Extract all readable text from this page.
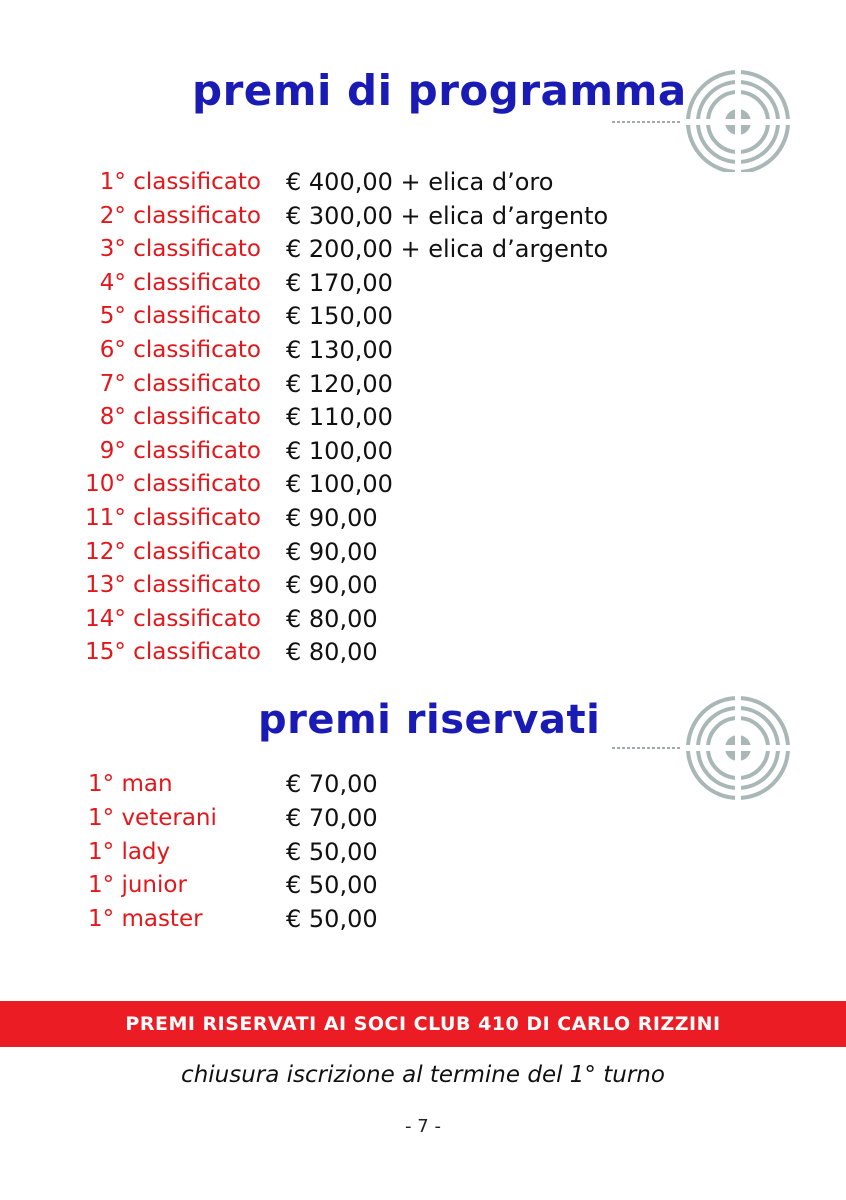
premi di programma
1° classificato € 400,00 + elica d’oro
2° classificato € 300,00 + elica d’argento
3° classificato € 200,00 + elica d’argento
4° classificato € 170,00
5° classificato € 150,00
6° classificato € 130,00
7° classificato € 120,00
8° classificato € 110,00
9° classificato € 100,00
10° classificato € 100,00
11° classificato € 90,00
12° classificato € 90,00
13° classificato € 90,00
14° classificato € 80,00
15° classificato € 80,00
premi riservati
1° man	€ 70,00
1° veterani	€ 70,00
1° lady	€ 50,00
1° junior	€ 50,00
1° master	€ 50,00
PREMI RISERVATI AI SOCI CLUB 410 DI CARLO RIZZINI
chiusura iscrizione al termine del 1° turno
- 7 -
